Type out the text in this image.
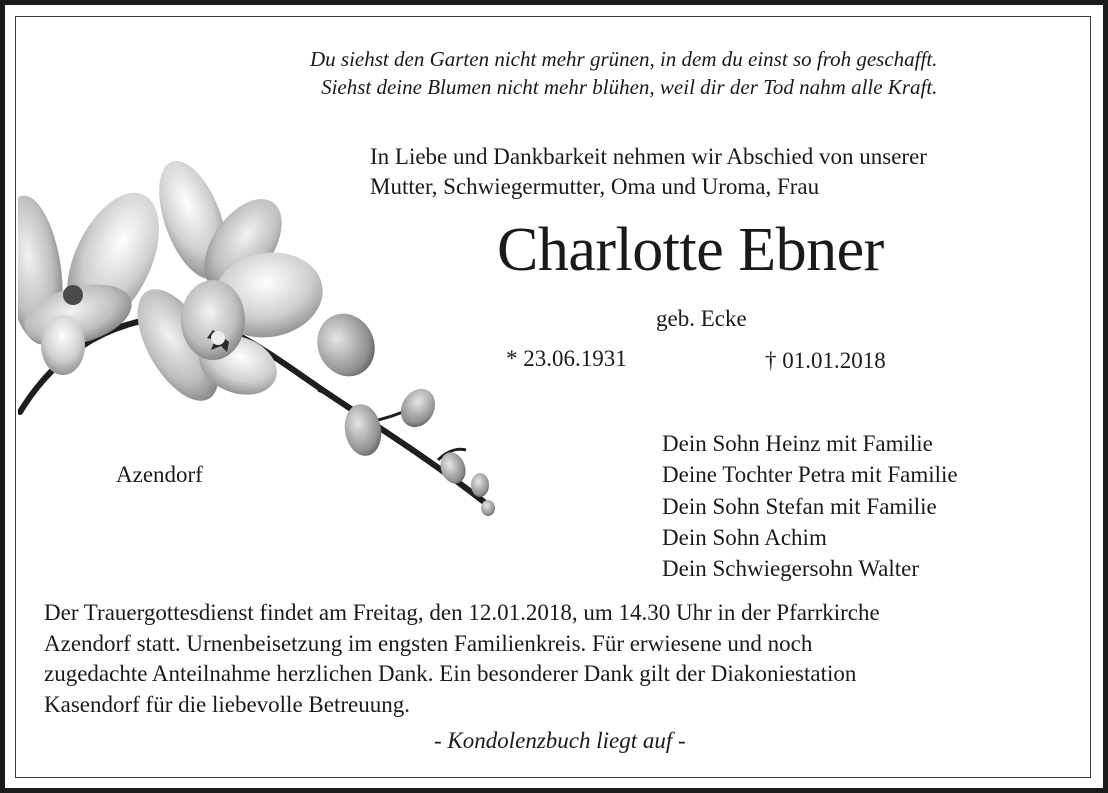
Du siehst den Garten nicht mehr grünen, in dem du einst so froh geschafft.
Siehst deine Blumen nicht mehr blühen, weil dir der Tod nahm alle Kraft.
In Liebe und Dankbarkeit nehmen wir Abschied von unserer
Mutter, Schwiegermutter, Oma und Uroma, Frau
Charlotte Ebner
geb. Ecke
* 23.06.1931	† 01.01.2018
Azendorf
Dein Sohn Heinz mit Familie
Deine Tochter Petra mit Familie
Dein Sohn Stefan mit Familie
Dein Sohn Achim
Dein Schwiegersohn Walter
Der Trauergottesdienst findet am Freitag, den 12.01.2018, um 14.30 Uhr in der Pfarrkirche
Azendorf statt. Urnenbeisetzung im engsten Familienkreis. Für erwiesene und noch
zugedachte Anteilnahme herzlichen Dank. Ein besonderer Dank gilt der Diakoniestation
Kasendorf für die liebevolle Betreuung.
- Kondolenzbuch liegt auf -
